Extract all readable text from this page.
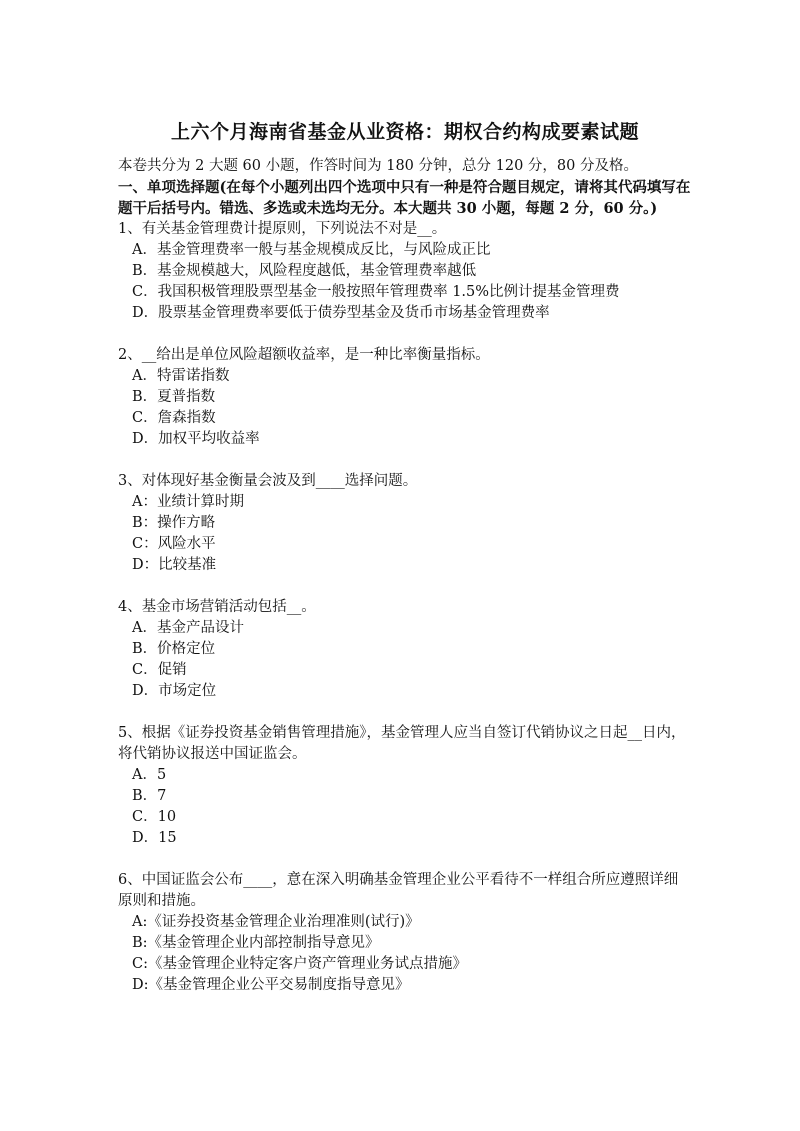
上六个月海南省基金从业资格：期权合约构成要素试题
本卷共分为 2 大题 60 小题，作答时间为 180 分钟，总分 120 分，80 分及格。
一、单项选择题(在每个小题列出四个选项中只有一种是符合题目规定，请将其代码填写在题干后括号内。错选、多选或未选均无分。本大题共 30 小题，每题 2 分，60 分。)
1、有关基金管理费计提原则，下列说法不对是__。
A．基金管理费率一般与基金规模成反比，与风险成正比
B．基金规模越大，风险程度越低，基金管理费率越低
C．我国积极管理股票型基金一般按照年管理费率 1.5%比例计提基金管理费
D．股票基金管理费率要低于债券型基金及货币市场基金管理费率
2、__给出是单位风险超额收益率，是一种比率衡量指标。
A．特雷诺指数
B．夏普指数
C．詹森指数
D．加权平均收益率
3、对体现好基金衡量会波及到____选择问题。
A：业绩计算时期
B：操作方略
C：风险水平
D：比较基准
4、基金市场营销活动包括__。
A．基金产品设计
B．价格定位
C．促销
D．市场定位
5、根据《证券投资基金销售管理措施》，基金管理人应当自签订代销协议之日起__日内，将代销协议报送中国证监会。
A．5
B．7
C．10
D．15
6、中国证监会公布____，意在深入明确基金管理企业公平看待不一样组合所应遵照详细原则和措施。
A:《证券投资基金管理企业治理准则(试行)》
B:《基金管理企业内部控制指导意见》
C:《基金管理企业特定客户资产管理业务试点措施》
D:《基金管理企业公平交易制度指导意见》
